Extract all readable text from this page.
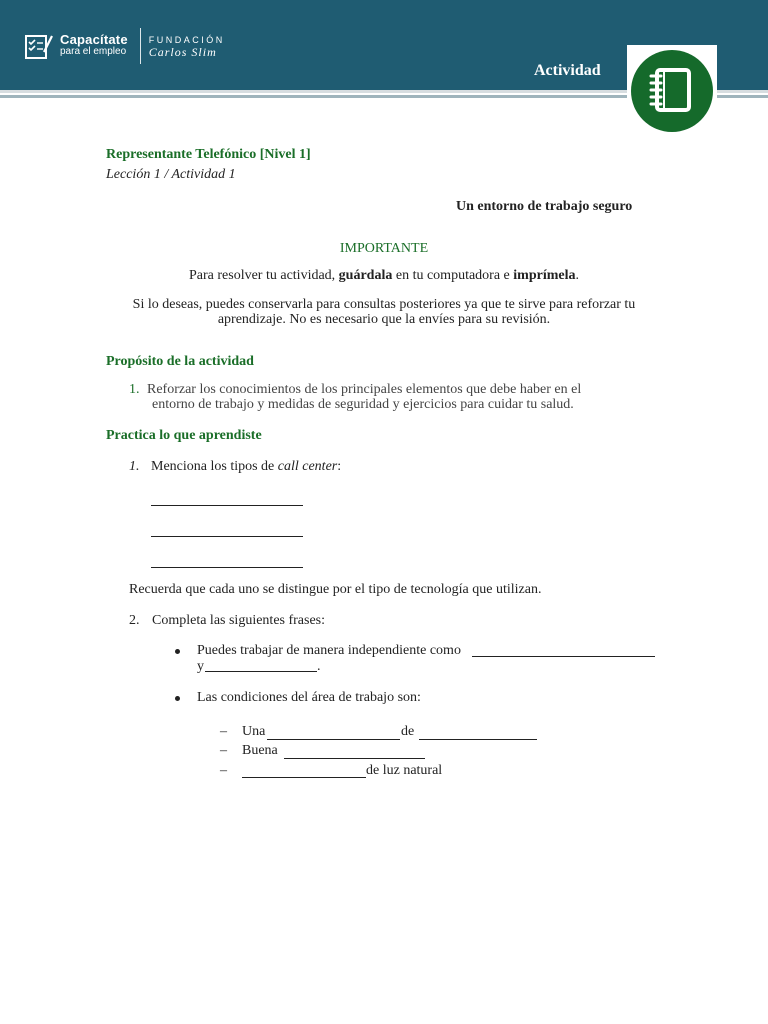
Capacítate
para el empleo
FUNDACIÓN
Carlos Slim
Actividad
Representante Telefónico [Nivel 1]
Lección 1 / Actividad 1
Un entorno de trabajo seguro
IMPORTANTE
Para resolver tu actividad, guárdala en tu computadora e imprímela.
Si lo deseas, puedes conservarla para consultas posteriores ya que te sirve para reforzar tu
aprendizaje. No es necesario que la envíes para su revisión.
Propósito de la actividad
1. Reforzar los conocimientos de los principales elementos que debe haber en el
entorno de trabajo y medidas de seguridad y ejercicios para cuidar tu salud.
Practica lo que aprendiste
1. Menciona los tipos de call center:
Recuerda que cada uno se distingue por el tipo de tecnología que utilizan.
2. Completa las siguientes frases:
Puedes trabajar de manera independiente como
y	.
Las condiciones del área de trabajo son:
– Una	de
– Buena
–	de luz natural
